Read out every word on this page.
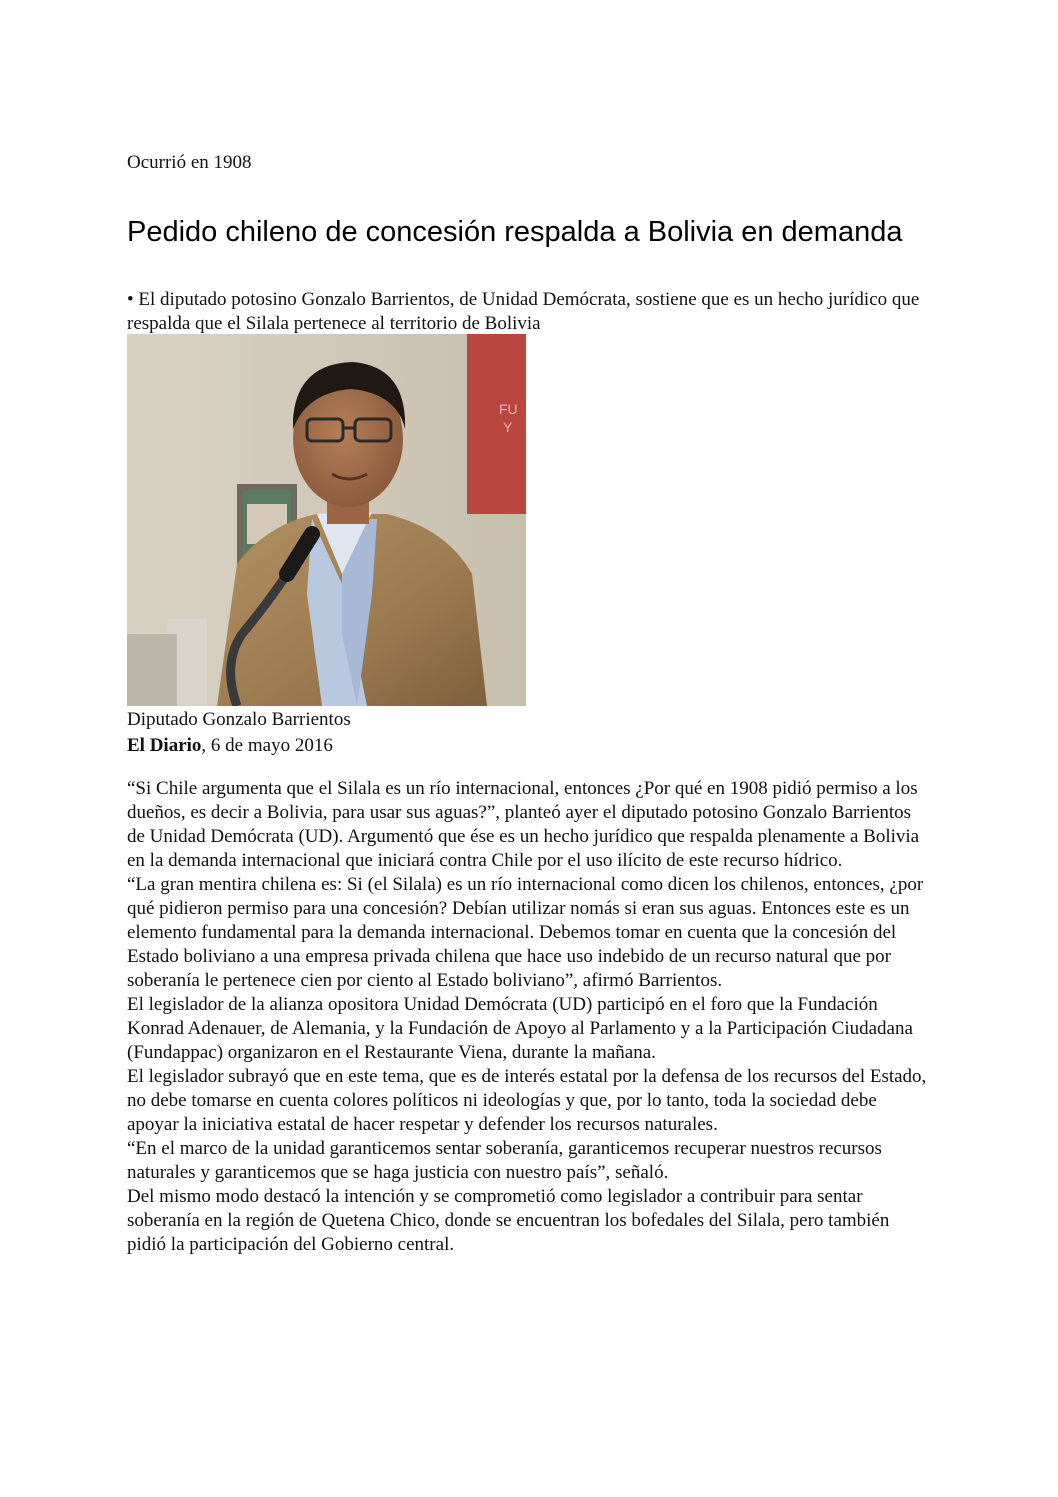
Ocurrió en 1908

Pedido chileno de concesión respalda a Bolivia en demanda

• El diputado potosino Gonzalo Barrientos, de Unidad Demócrata, sostiene que es un hecho jurídico que respalda que el Silala pertenece al territorio de Bolivia

FU
Y

Diputado Gonzalo Barrientos

El Diario, 6 de mayo 2016

“Si Chile argumenta que el Silala es un río internacional, entonces ¿Por qué en 1908 pidió permiso a los dueños, es decir a Bolivia, para usar sus aguas?”, planteó ayer el diputado potosino Gonzalo Barrientos de Unidad Demócrata (UD). Argumentó que ése es un hecho jurídico que respalda plenamente a Bolivia en la demanda internacional que iniciará contra Chile por el uso ilícito de este recurso hídrico.

“La gran mentira chilena es: Si (el Silala) es un río internacional como dicen los chilenos, entonces, ¿por qué pidieron permiso para una concesión? Debían utilizar nomás si eran sus aguas. Entonces este es un elemento fundamental para la demanda internacional. Debemos tomar en cuenta que la concesión del Estado boliviano a una empresa privada chilena que hace uso indebido de un recurso natural que por soberanía le pertenece cien por ciento al Estado boliviano”, afirmó Barrientos.

El legislador de la alianza opositora Unidad Demócrata (UD) participó en el foro que la Fundación Konrad Adenauer, de Alemania, y la Fundación de Apoyo al Parlamento y a la Participación Ciudadana (Fundappac) organizaron en el Restaurante Viena, durante la mañana.

El legislador subrayó que en este tema, que es de interés estatal por la defensa de los recursos del Estado, no debe tomarse en cuenta colores políticos ni ideologías y que, por lo tanto, toda la sociedad debe apoyar la iniciativa estatal de hacer respetar y defender los recursos naturales.

“En el marco de la unidad garanticemos sentar soberanía, garanticemos recuperar nuestros recursos naturales y garanticemos que se haga justicia con nuestro país”, señaló.

Del mismo modo destacó la intención y se comprometió como legislador a contribuir para sentar soberanía en la región de Quetena Chico, donde se encuentran los bofedales del Silala, pero también pidió la participación del Gobierno central.
